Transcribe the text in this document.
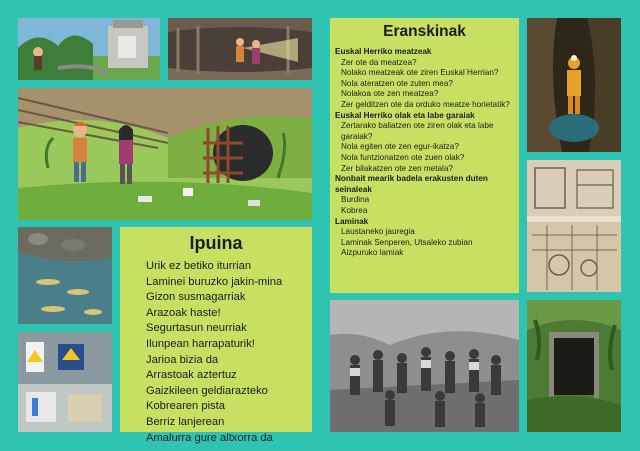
Ipuina
Urik ez betiko iturrian
Laminei buruzko jakin-mina
Gizon susmagarriak
Arazoak haste!
Segurtasun neurriak
Ilunpean harrapaturik!
Jarioa bizia da
Arrastoak aztertuz
Gaizkileen geldiarazteko
Kobrearen pista
Berriz lanjerean
Amalurra gure altxorra da
Eranskinak
Euskal Herriko meatzeak
Zer ote da meatzea?
Nolako meatzeak ote ziren Euskal Herrian?
Nola ateratzen ote zuten mea?
Nolakoa ote zen meatzea?
Zer gelditzen ote da orduko meatze horietatik?
Euskal Herriko olak eta labe garaiak
Zertarako baliatzen ote ziren olak eta labe garaiak?
Nola egiten ote zen egur-ikatza?
Nola funtzionatzen ote zuen olak?
Zer bilakatzen ote zen metala?
Nonbait mearik badela erakusten duten seinaleak
Burdina
Kobrea
Laminak
Laustaneko jauregia
Laminak Senperen, Utsaleko zubian
Aizpuruko lamiak
